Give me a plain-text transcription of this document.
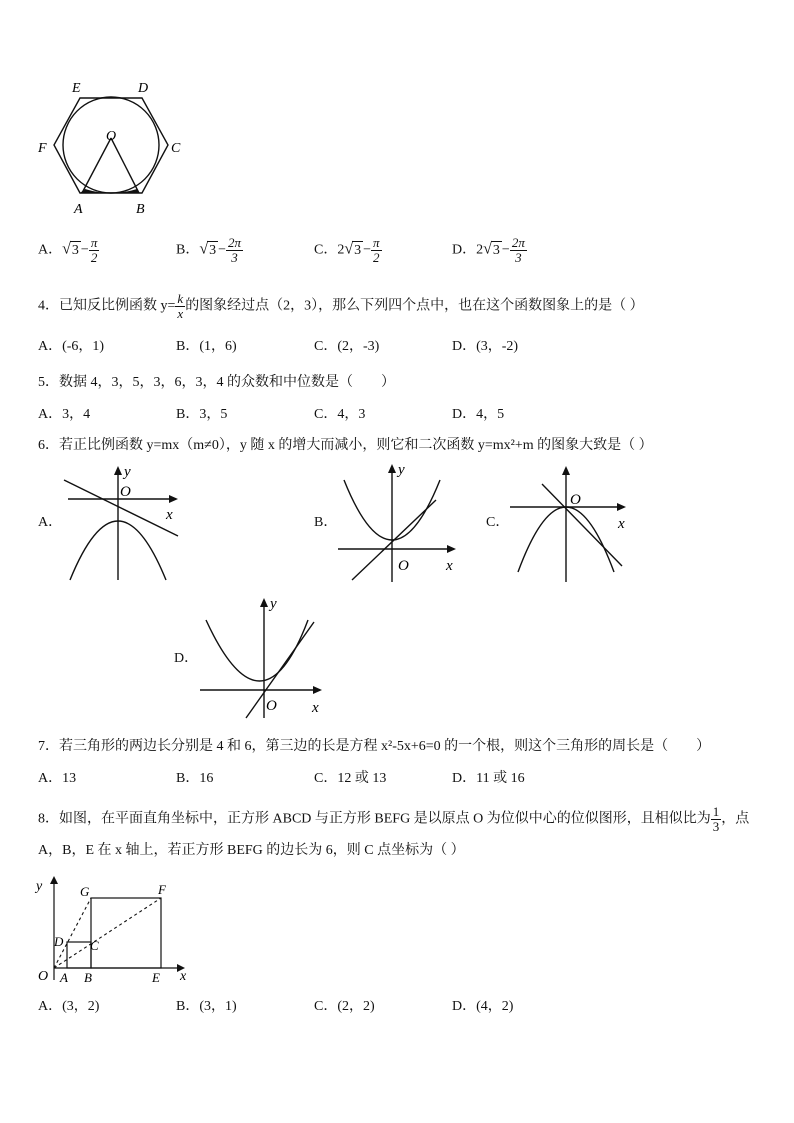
E	D
O
F	C
A	B
A．$√3 - \frac{\pi}{2}$	B．$√3 - \frac{2\pi}{3}$	C．$2√3 - \frac{\pi}{2}$	D．$2√3 - \frac{2\pi}{3}$
4．已知反比例函数 $y= \frac{k}{x}$ 的图象经过点（2，3），那么下列四个点中，也在这个函数图象上的是（ ）
A．(-6，1)	B．(1，6)	C．(2，-3)	D．(3，-2)
5．数据 4，3，5，3，6，3，4 的众数和中位数是（　　）
A．3，4	B．3，5	C．4，3	D．4，5
6．若正比例函数 y=mx（m≠0），y 随 x 的增大而减小，则它和二次函数 y=mx²+m 的图象大致是（ ）
A．
y
x
O
B．
y
x
O
C．	x
O
D．
y
x
O
7．若三角形的两边长分别是 4 和 6，第三边的长是方程 x²-5x+6=0 的一个根，则这个三角形的周长是（　　）
A．13	B．16	C．12 或 13	D．11 或 16
8．如图，在平面直角坐标中，正方形 ABCD 与正方形 BEFG 是以原点 O 为位似中心的位似图形，且相似比为 $\frac{1}{3}$ ，点
A，B，E 在 x 轴上，若正方形 BEFG 的边长为 6，则 C 点坐标为（ ）
y
x
O A B	E
G	F
D C
A．(3，2)	B．(3，1)	C．(2，2)	D．(4，2)
